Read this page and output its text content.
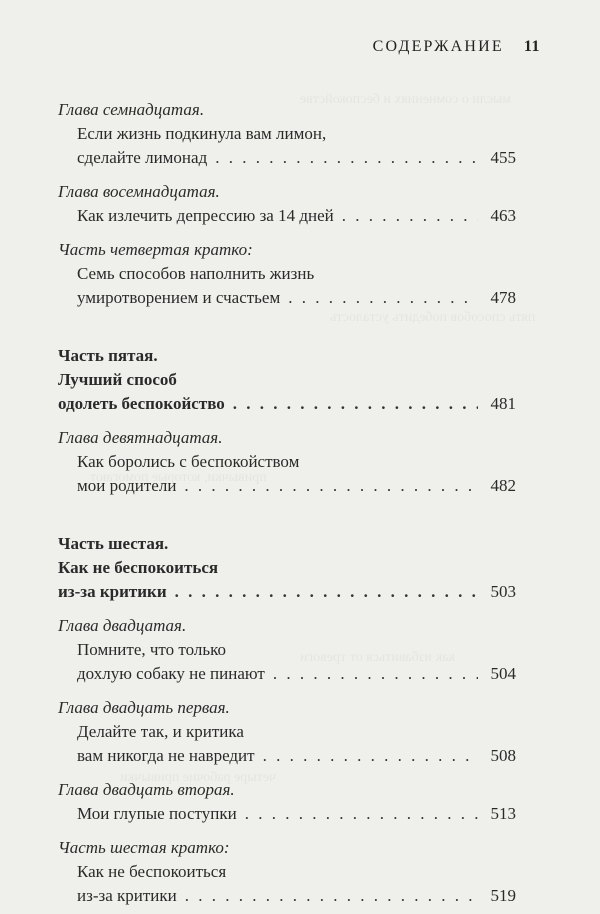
СОДЕРЖАНИЕ 11
Глава семнадцатая.
Если жизнь подкинула вам лимон,
сделайте лимонад . . .	455
Глава восемнадцатая.
Как излечить депрессию за 14 дней . . .	463
Часть четвертая кратко:
Семь способов наполнить жизнь
умиротворением и счастьем . . .	478
Часть пятая.
Лучший способ
одолеть беспокойство . . .	481
Глава девятнадцатая.
Как боролись с беспокойством
мои родители . . .	482
Часть шестая.
Как не беспокоиться
из-за критики . . .	503
Глава двадцатая.
Помните, что только
дохлую собаку не пинают . . .	504
Глава двадцать первая.
Делайте так, и критика
вам никогда не навредит . . .	508
Глава двадцать вторая.
Мои глупые поступки . . .	513
Часть шестая кратко:
Как не беспокоиться
из-за критики . . .	519
